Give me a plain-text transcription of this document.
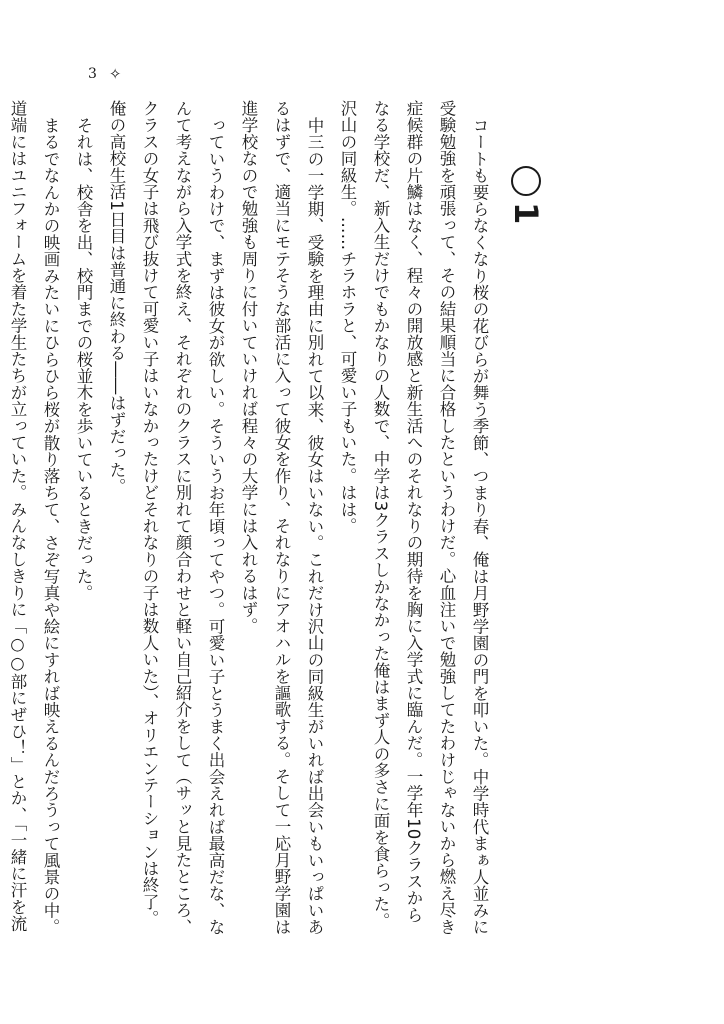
3 ✧
1

コートも要らなくなり桜の花びらが舞う季節、つまり春、俺は月野学園の門を叩いた。中学時代まぁ人並みに

受験勉強を頑張って、その結果順当に合格したというわけだ。心血注いで勉強してたわけじゃないから燃え尽き

症候群の片鱗はなく、程々の開放感と新生活へのそれなりの期待を胸に入学式に臨んだ。一学年10クラスから

なる学校だ、新入生だけでもかなりの人数で、中学は3クラスしかなかった俺はまず人の多さに面を食らった。

沢山の同級生。……チラホラと、可愛い子もいた。はは。

中三の一学期、受験を理由に別れて以来、彼女はいない。これだけ沢山の同級生がいれば出会いもいっぱいあ

るはずで、適当にモテそうな部活に入って彼女を作り、それなりにアオハルを謳歌する。そして一応月野学園は

進学校なので勉強も周りに付いていければ程々の大学には入れるはず。

っていうわけで、まずは彼女が欲しい。そういうお年頃ってやつ。可愛い子とうまく出会えれば最高だな、な

んて考えながら入学式を終え、それぞれのクラスに別れて顔合わせと軽い自己紹介をして（サッと見たところ、

クラスの女子は飛び抜けて可愛い子はいなかったけどそれなりの子は数人いた）、オリエンテーションは終了。

俺の高校生活1日目は普通に終わる――はずだった。

それは、校舎を出、校門までの桜並木を歩いているときだった。

まるでなんかの映画みたいにひらひら桜が散り落ちて、さぞ写真や絵にすれば映えるんだろうって風景の中。

道端にはユニフォームを着た学生たちが立っていた。みんなしきりに「○○部にぜひ！」とか、「一緒に汗を流
